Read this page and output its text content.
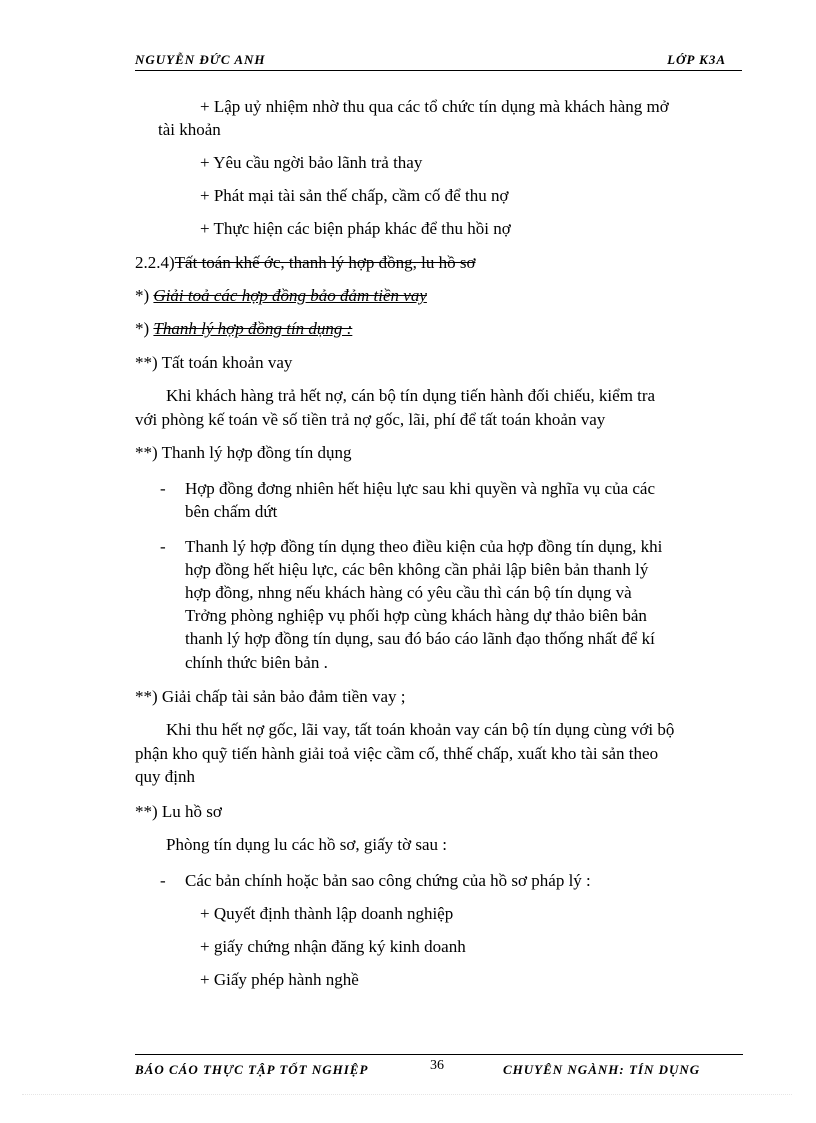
NGUYỄN ĐỨC ANH	LỚP K3A
+ Lập uỷ nhiệm nhờ thu qua các tổ chức tín dụng mà khách hàng mở
tài khoản
+ Yêu cầu ngời bảo lãnh trả thay
+ Phát mại tài sản thế chấp, cầm cố để thu nợ
+ Thực hiện các biện pháp khác để thu hồi nợ
2.2.4)Tất toán khế ớc, thanh lý hợp đồng, lu hồ sơ
*) Giải toả các hợp đồng bảo đảm tiền vay
*) Thanh lý hợp đồng tín dụng :
**) Tất toán khoản vay
Khi khách hàng trả hết nợ, cán bộ tín dụng tiến hành đối chiếu, kiểm tra
với phòng kế toán về số tiền trả nợ gốc, lãi, phí để tất toán khoản vay
**) Thanh lý hợp đồng tín dụng
-	Hợp đồng đơng nhiên hết hiệu lực sau khi quyền và nghĩa vụ của các
bên chấm dứt
-	Thanh lý hợp đồng tín dụng theo điều kiện của hợp đồng tín dụng, khi
hợp đồng hết hiệu lực, các bên không cần phải lập biên bản thanh lý
hợp đồng, nhng nếu khách hàng có yêu cầu thì cán bộ tín dụng và
Trởng phòng nghiệp vụ phối hợp cùng khách hàng dự thảo biên bản
thanh lý hợp đồng tín dụng, sau đó báo cáo lãnh đạo thống nhất để kí
chính thức biên bản .
**) Giải chấp tài sản bảo đảm tiền vay ;
Khi thu hết nợ gốc, lãi vay, tất toán khoản vay cán bộ tín dụng cùng với bộ
phận kho quỹ tiến hành giải toả việc cầm cố, thhế chấp, xuất kho tài sản theo
quy định
**) Lu hồ sơ
Phòng tín dụng lu các hồ sơ, giấy tờ sau :
-	Các bản chính hoặc bản sao công chứng của hồ sơ pháp lý :
+ Quyết định thành lập doanh nghiệp
+ giấy chứng nhận đăng ký kinh doanh
+ Giấy phép hành nghề
BÁO CÁO THỰC TẬP TỐT NGHIỆP	36	CHUYÊN NGÀNH: TÍN DỤNG
